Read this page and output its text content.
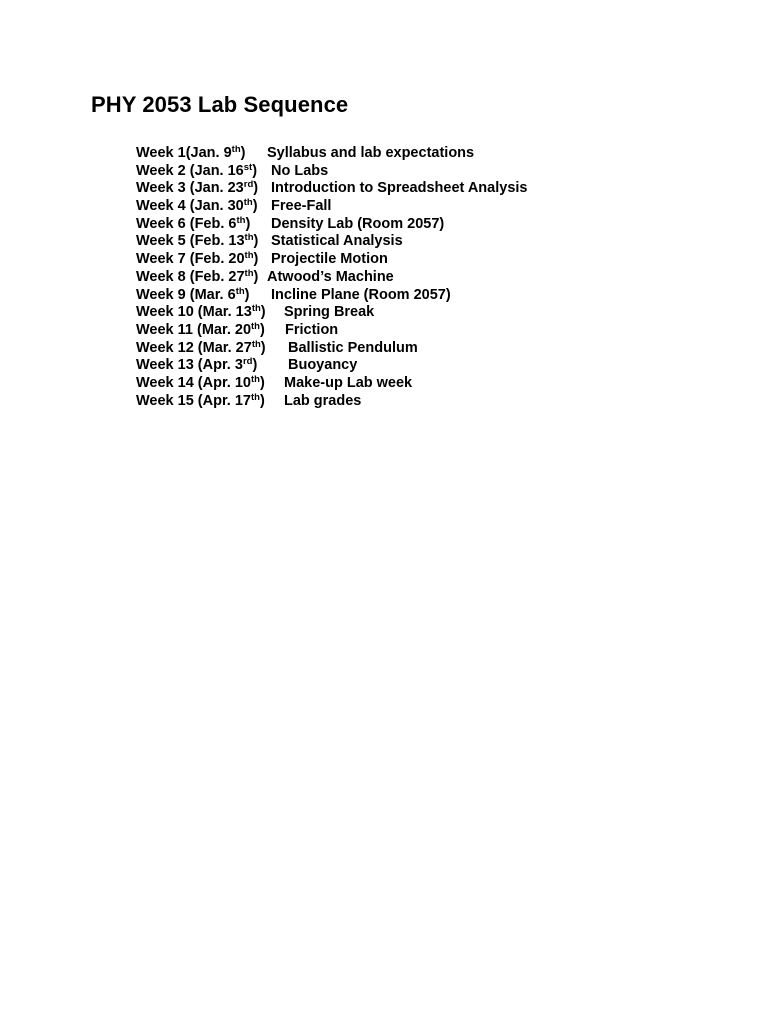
PHY 2053 Lab Sequence
Week 1(Jan. 9th) Syllabus and lab expectations
Week 2 (Jan. 16st) No Labs
Week 3 (Jan. 23rd) Introduction to Spreadsheet Analysis
Week 4 (Jan. 30th) Free-Fall
Week 6 (Feb. 6th) Density Lab (Room 2057)
Week 5 (Feb. 13th) Statistical Analysis
Week 7 (Feb. 20th) Projectile Motion
Week 8 (Feb. 27th) Atwood’s Machine
Week 9 (Mar. 6th) Incline Plane (Room 2057)
Week 10 (Mar. 13th) Spring Break
Week 11 (Mar. 20th) Friction
Week 12 (Mar. 27th) Ballistic Pendulum
Week 13 (Apr. 3rd) Buoyancy
Week 14 (Apr. 10th) Make-up Lab week
Week 15 (Apr. 17th) Lab grades
